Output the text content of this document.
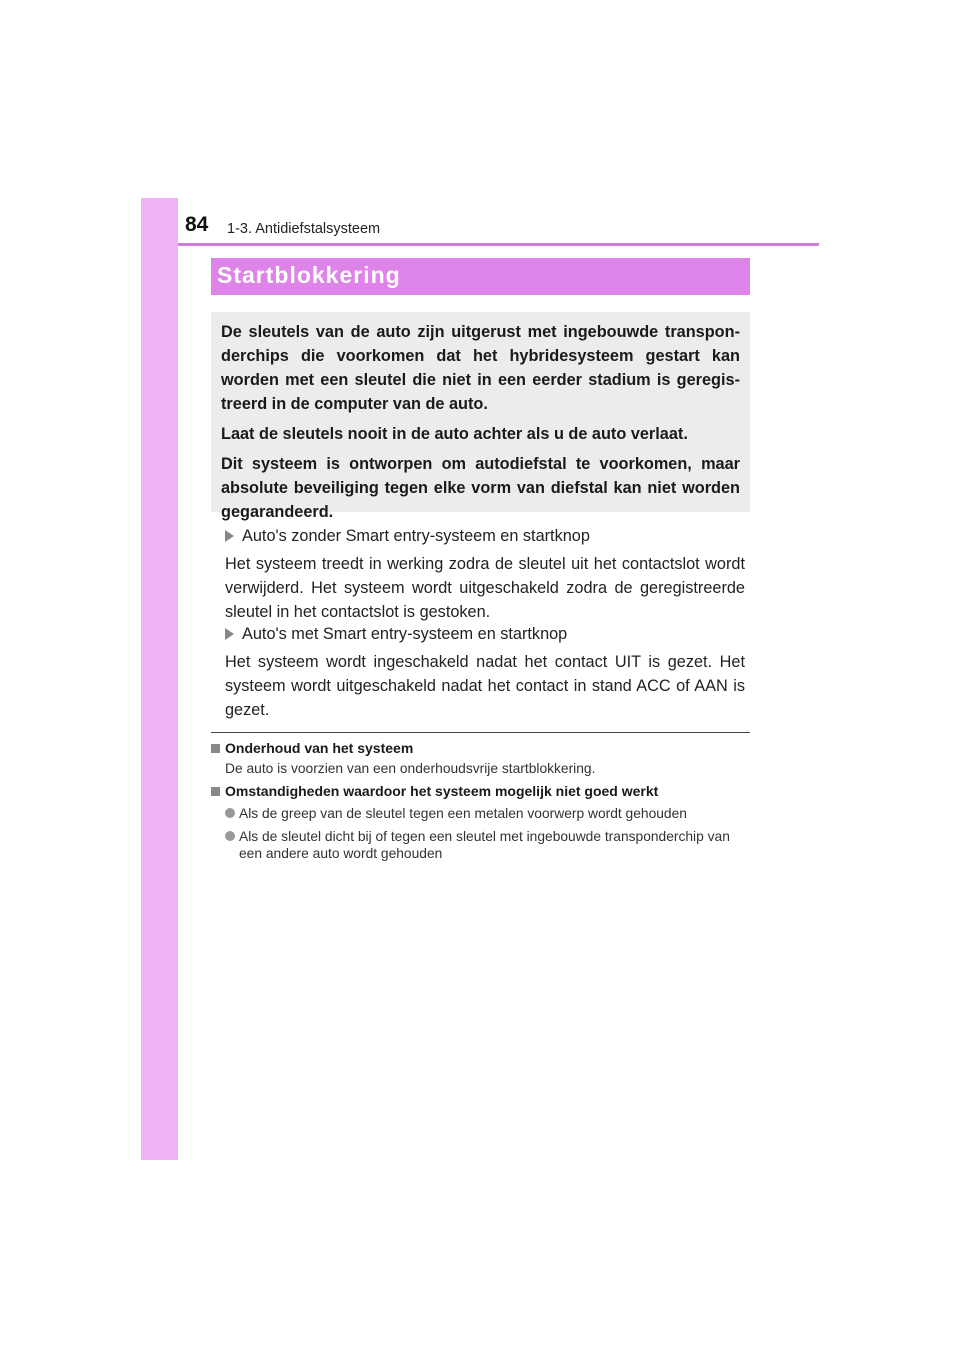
84 1-3. Antidiefstalsysteem
Startblokkering

De sleutels van de auto zijn uitgerust met ingebouwde transponderchips die voorkomen dat het hybridesysteem gestart kan worden met een sleutel die niet in een eerder stadium is geregistreerd in de computer van de auto.

Laat de sleutels nooit in de auto achter als u de auto verlaat.

Dit systeem is ontworpen om autodiefstal te voorkomen, maar absolute beveiliging tegen elke vorm van diefstal kan niet worden gegarandeerd.

Auto's zonder Smart entry-systeem en startknop

Het systeem treedt in werking zodra de sleutel uit het contactslot wordt verwijderd. Het systeem wordt uitgeschakeld zodra de geregistreerde sleutel in het contactslot is gestoken.

Auto's met Smart entry-systeem en startknop

Het systeem wordt ingeschakeld nadat het contact UIT is gezet. Het systeem wordt uitgeschakeld nadat het contact in stand ACC of AAN is gezet.

Onderhoud van het systeem
De auto is voorzien van een onderhoudsvrije startblokkering.
Omstandigheden waardoor het systeem mogelijk niet goed werkt
Als de greep van de sleutel tegen een metalen voorwerp wordt gehouden
Als de sleutel dicht bij of tegen een sleutel met ingebouwde transponderchip van een andere auto wordt gehouden
